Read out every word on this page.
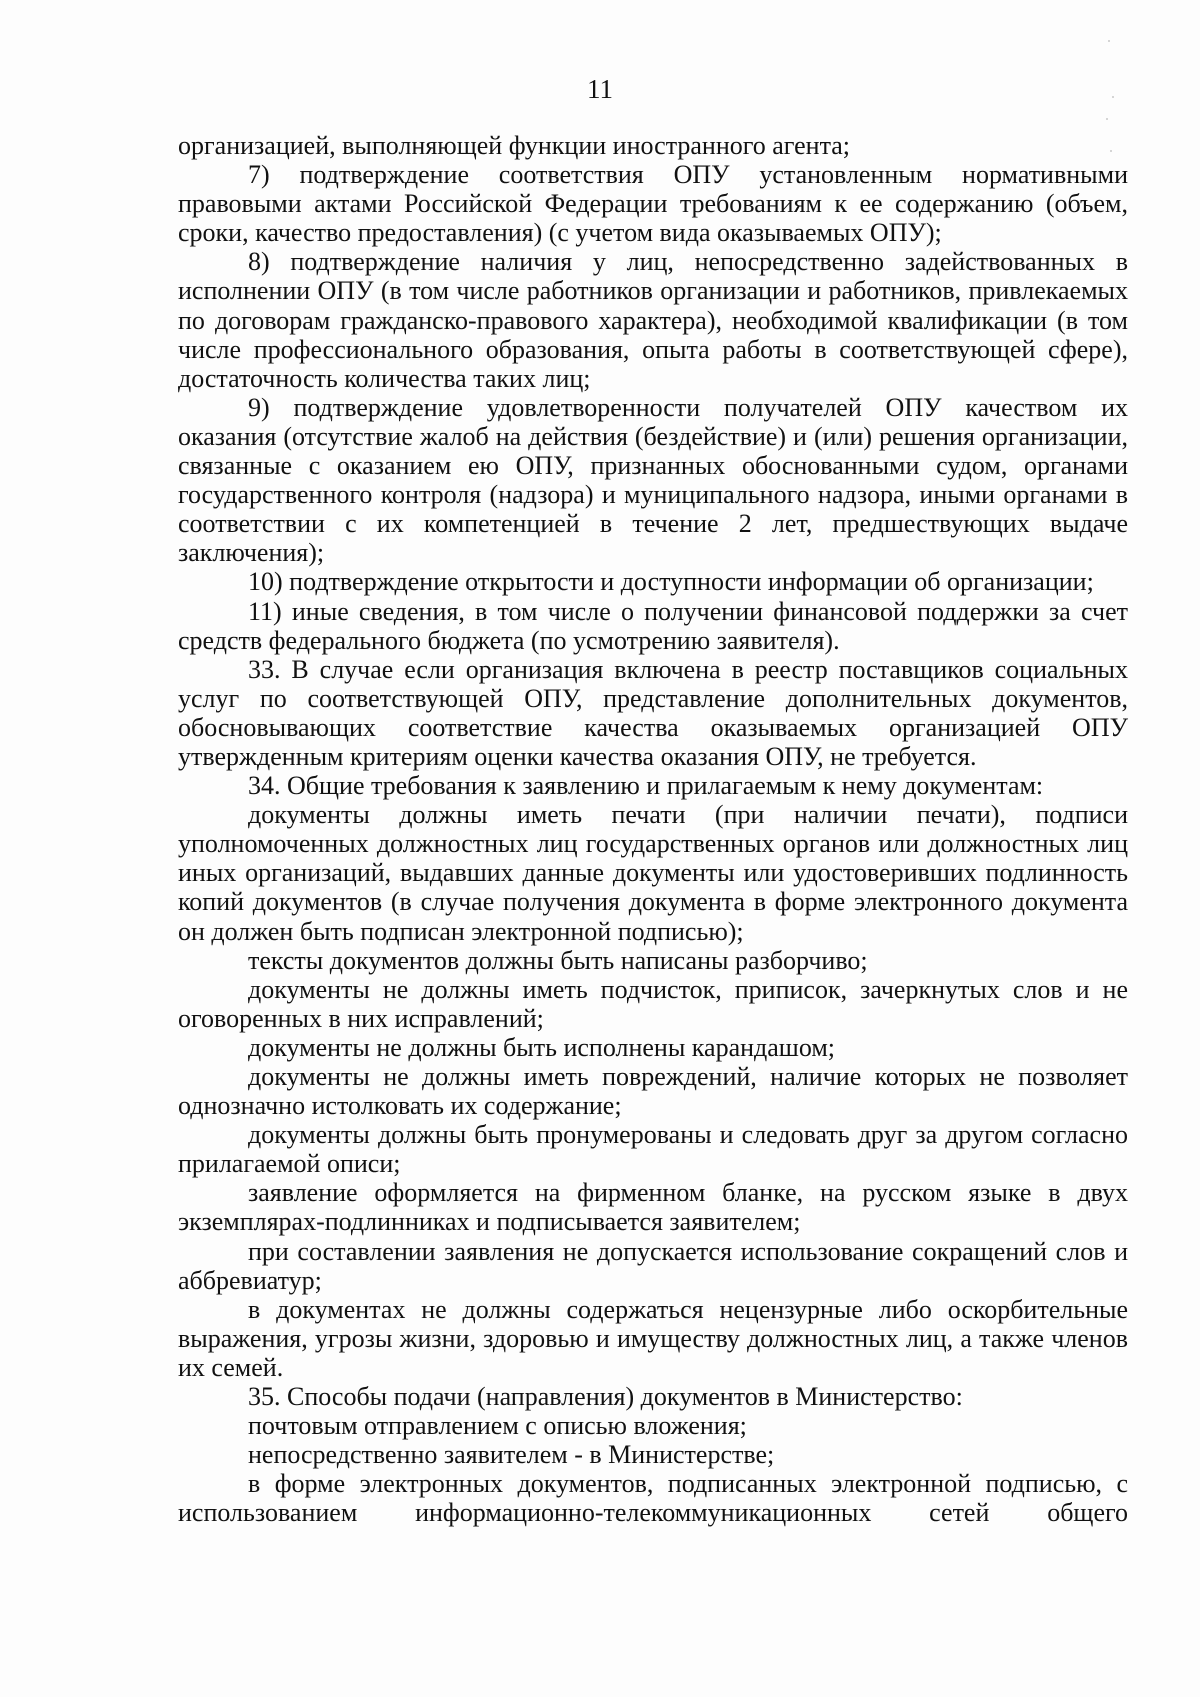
11

организацией, выполняющей функции иностранного агента;

7) подтверждение соответствия ОПУ установленным нормативными правовыми актами Российской Федерации требованиям к ее содержанию (объем, сроки, качество предоставления) (с учетом вида оказываемых ОПУ);

8) подтверждение наличия у лиц, непосредственно задействованных в исполнении ОПУ (в том числе работников организации и работников, привлекаемых по договорам гражданско-правового характера), необходимой квалификации (в том числе профессионального образования, опыта работы в соответствующей сфере), достаточность количества таких лиц;

9) подтверждение удовлетворенности получателей ОПУ качеством их оказания (отсутствие жалоб на действия (бездействие) и (или) решения организации, связанные с оказанием ею ОПУ, признанных обоснованными судом, органами государственного контроля (надзора) и муниципального надзора, иными органами в соответствии с их компетенцией в течение 2 лет, предшествующих выдаче заключения);

10) подтверждение открытости и доступности информации об организации;

11) иные сведения, в том числе о получении финансовой поддержки за счет средств федерального бюджета (по усмотрению заявителя).

33. В случае если организация включена в реестр поставщиков социальных услуг по соответствующей ОПУ, представление дополнительных документов, обосновывающих соответствие качества оказываемых организацией ОПУ утвержденным критериям оценки качества оказания ОПУ, не требуется.

34. Общие требования к заявлению и прилагаемым к нему документам:

документы должны иметь печати (при наличии печати), подписи уполномоченных должностных лиц государственных органов или должностных лиц иных организаций, выдавших данные документы или удостоверивших подлинность копий документов (в случае получения документа в форме электронного документа он должен быть подписан электронной подписью);

тексты документов должны быть написаны разборчиво;

документы не должны иметь подчисток, приписок, зачеркнутых слов и не оговоренных в них исправлений;

документы не должны быть исполнены карандашом;

документы не должны иметь повреждений, наличие которых не позволяет однозначно истолковать их содержание;

документы должны быть пронумерованы и следовать друг за другом согласно прилагаемой описи;

заявление оформляется на фирменном бланке, на русском языке в двух экземплярах-подлинниках и подписывается заявителем;

при составлении заявления не допускается использование сокращений слов и аббревиатур;

в документах не должны содержаться нецензурные либо оскорбительные выражения, угрозы жизни, здоровью и имуществу должностных лиц, а также членов их семей.

35. Способы подачи (направления) документов в Министерство:

почтовым отправлением с описью вложения;

непосредственно заявителем - в Министерстве;

в форме электронных документов, подписанных электронной подписью, с использованием информационно-телекоммуникационных сетей общего
